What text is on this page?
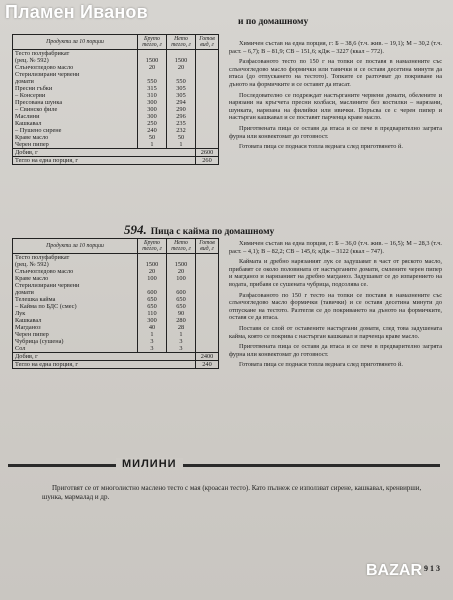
Пламен Иванов	и по домашному
Продукти за 10 порции	Бруто тегло, г	Нето тегло, г	Готов вид, г
Тесто полуфабрикат			
(рец. № 592)	1500	1500	
Слънчогледово масло	20	20	
Стерилизирани червени			
домати	550	550	
Пресни гъбки	315	305	
– Консерви	310	305	
Пресована шунка	300	294	
– Свинско филе	300	290	
Маслини	300	296	
Кашкавал	250	235	
– Пушено сирене	240	232	
Краве масло	50	50	
Черен пипер	1	1	
Добив, г			2600
Тегло на една порция, г			260

Химичен състав на една порция, г: Б – 38,6 (т.ч. жив. – 19,1); М – 30,2 (т.ч. раст. – 6,7); В – 81,9; СВ – 151,6; кДж – 3227 (ккал – 772).

Разфасованото тесто по 150 г на топки се поставя в намазнените със слънчогледово масло формички или тавички и се оставя десетина минути да втаса (до отпускането на тестото). Топките се разточват до покриване на дъното на формичките и се оставят да втасат.

Последователно се подреждат настърганите червени домати, обелените и нарязани на кръгчета пресни колбаси, маслините без костилки – нарязани, шунката, нарязана на филийки или ивички. Поръсва се с черен пипер и настърган кашкавал и се поставят парченца краве масло.

Приготвената пица се оставя да втаса и се пече в предварително загрята фурна или конвектомат до готовност.

Готовата пица се поднася топла веднага след приготвянето й.

594. Пица с кайма по домашному
Продукти за 10 порции	Бруто тегло, г	Нето тегло, г	Готов вид, г
Тесто полуфабрикат			
(рец. № 592)	1500	1500	
Слънчогледово масло	20	20	
Краве масло	100	100	
Стерилизирани червени			
домати	600	600	
Телешка кайма	650	650	
– Кайма по БДС (смес)	650	650	
Лук	110	90	
Кашкавал	300	280	
Магданоз	40	28	
Черен пипер	1	1	
Чубрица (сушена)	3	3	
Сол	3	3	
Добив, г			2400
Тегло на една порция, г			240

Химичен състав на една порция, г: Б – 36,0 (т.ч. жив. – 16,5); М – 28,3 (т.ч. раст. – 4,1); В – 82,2; СВ – 145,6; кДж – 3122 (ккал – 747).

Каймата и дребно нарязаният лук се задушават в част от ряското масло, прибавят се около половината от настърганите домати, смлените черен пипер и магданоз и нарязаният на дребно магданоз. Задушават се до изпарението на водата, прибавя се сушената чубрица, подсолява се.

Разфасованото по 150 г тесто на топки се поставя в намазнените със слънчогледово масло формички (тавички) и се оставя десетина минути до отпускане на тестото. Разтегля се до покриването на дъното на формичките, оставя се да втаса.

Поставя се слой от оставените настъргани домати, след това задушената кайма, която се покрива с настърган кашкавал и парченца краве масло.

Приготвената пица се оставя да втаса и се пече в предварително загрята фурна или конвектомат до готовност.

Готовата пица се поднася топла веднага след приготвянето й.

МИЛИНИ
Приготвят се от многолистно маслено тесто с мая (кроасан тесто). Като пълнеж се използват сирене, кашкавал, кренвирши, шунка, мармалад и др.
BAZAR 9 1 3
